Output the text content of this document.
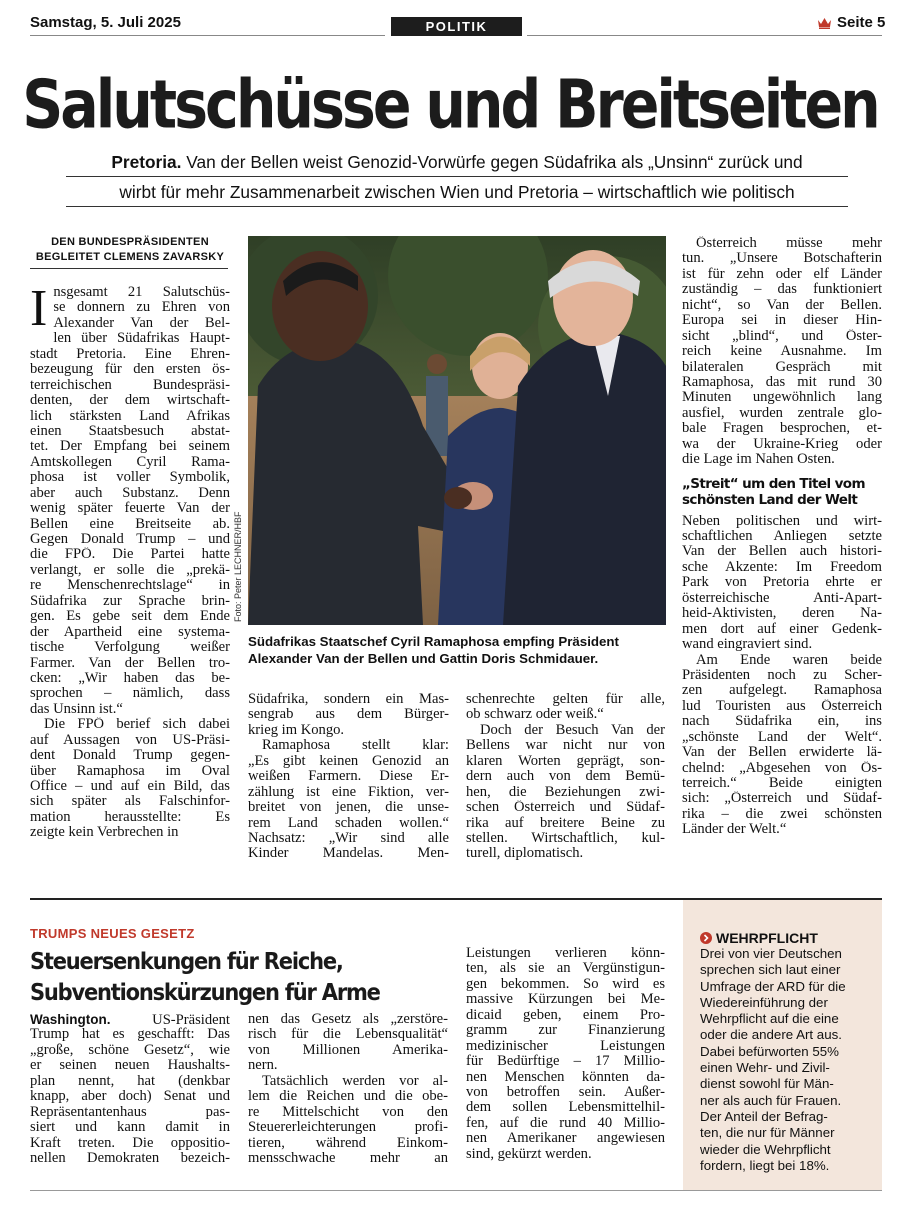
Samstag, 5. Juli 2025	POLITIK	Seite 5
Salutschüsse und Breitseiten
Pretoria. Van der Bellen weist Genozid-Vorwürfe gegen Südafrika als „Unsinn“ zurück und
wirbt für mehr Zusammenarbeit zwischen Wien und Pretoria – wirtschaftlich wie politisch
DEN BUNDESPRÄSIDENTEN
BEGLEITET CLEMENS ZAVARSKY
I nsgesamt 21 Salutschüs-
se donnern zu Ehren von
Alexander Van der Bel-
len über Südafrikas Haupt-
stadt Pretoria. Eine Ehren-
bezeugung für den ersten ös-
terreichischen Bundespräsi-
denten, der dem wirtschaft-
lich stärksten Land Afrikas
einen Staatsbesuch abstat-
tet. Der Empfang bei seinem
Amtskollegen Cyril Rama-
phosa ist voller Symbolik,
aber auch Substanz. Denn
wenig später feuerte Van der
Bellen eine Breitseite ab.
Gegen Donald Trump – und
die FPÖ. Die Partei hatte
verlangt, er solle die „prekä-
re Menschenrechtslage“ in
Südafrika zur Sprache brin-
gen. Es gebe seit dem Ende
der Apartheid eine systema-
tische Verfolgung weißer
Farmer. Van der Bellen tro-
cken: „Wir haben das be-
sprochen – nämlich, dass
das Unsinn ist.“
Die FPÖ berief sich dabei
auf Aussagen von US-Präsi-
dent Donald Trump gegen-
über Ramaphosa im Oval
Office – und auf ein Bild, das
sich später als Falschinfor-
mation herausstellte: Es
zeigte kein Verbrechen in
Foto: Peter LECHNER/HBF
Südafrikas Staatschef Cyril Ramaphosa empfing Präsident
Alexander Van der Bellen und Gattin Doris Schmidauer.
Südafrika, sondern ein Mas-
sengrab aus dem Bürger-
krieg im Kongo.
Ramaphosa stellt klar:
„Es gibt keinen Genozid an
weißen Farmern. Diese Er-
zählung ist eine Fiktion, ver-
breitet von jenen, die unse-
rem Land schaden wollen.“
Nachsatz: „Wir sind alle
Kinder Mandelas. Men-
schenrechte gelten für alle,
ob schwarz oder weiß.“
Doch der Besuch Van der
Bellens war nicht nur von
klaren Worten geprägt, son-
dern auch von dem Bemü-
hen, die Beziehungen zwi-
schen Österreich und Südaf-
rika auf breitere Beine zu
stellen. Wirtschaftlich, kul-
turell, diplomatisch.
Österreich müsse mehr
tun. „Unsere Botschafterin
ist für zehn oder elf Länder
zuständig – das funktioniert
nicht“, so Van der Bellen.
Europa sei in dieser Hin-
sicht „blind“, und Öster-
reich keine Ausnahme. Im
bilateralen Gespräch mit
Ramaphosa, das mit rund 30
Minuten ungewöhnlich lang
ausfiel, wurden zentrale glo-
bale Fragen besprochen, et-
wa der Ukraine-Krieg oder
die Lage im Nahen Osten.
„Streit“ um den Titel vom
schönsten Land der Welt
Neben politischen und wirt-
schaftlichen Anliegen setzte
Van der Bellen auch histori-
sche Akzente: Im Freedom
Park von Pretoria ehrte er
österreichische Anti-Apart-
heid-Aktivisten, deren Na-
men dort auf einer Gedenk-
wand eingraviert sind.
Am Ende waren beide
Präsidenten noch zu Scher-
zen aufgelegt. Ramaphosa
lud Touristen aus Österreich
nach Südafrika ein, ins
„schönste Land der Welt“.
Van der Bellen erwiderte lä-
chelnd: „Abgesehen von Ös-
terreich.“ Beide einigten
sich: „Österreich und Südaf-
rika – die zwei schönsten
Länder der Welt.“
TRUMPS NEUES GESETZ
Steuersenkungen für Reiche,
Subventionskürzungen für Arme
Washington.	US-Präsident
Trump hat es geschafft: Das
„große, schöne Gesetz“, wie
er seinen neuen Haushalts-
plan nennt, hat (denkbar
knapp, aber doch) Senat und
Repräsentantenhaus pas-
siert und kann damit in
Kraft treten. Die oppositio-
nellen Demokraten bezeich-
nen das Gesetz als „zerstöre-
risch für die Lebensqualität“
von Millionen Amerika-
nern.
Tatsächlich werden vor al-
lem die Reichen und die obe-
re Mittelschicht von den
Steuererleichterungen profi-
tieren, während Einkom-
mensschwache mehr an
Leistungen verlieren könn-
ten, als sie an Vergünstigun-
gen bekommen. So wird es
massive Kürzungen bei Me-
dicaid geben, einem Pro-
gramm zur Finanzierung
medizinischer Leistungen
für Bedürftige – 17 Millio-
nen Menschen könnten da-
von betroffen sein. Außer-
dem sollen Lebensmittelhil-
fen, auf die rund 40 Millio-
nen Amerikaner angewiesen
sind, gekürzt werden.
WEHRPFLICHT
Drei von vier Deutschen
sprechen sich laut einer
Umfrage der ARD für die
Wiedereinführung der
Wehrpflicht auf die eine
oder die andere Art aus.
Dabei befürworten 55%
einen Wehr- und Zivil-
dienst sowohl für Män-
ner als auch für Frauen.
Der Anteil der Befrag-
ten, die nur für Männer
wieder die Wehrpflicht
fordern, liegt bei 18%.
